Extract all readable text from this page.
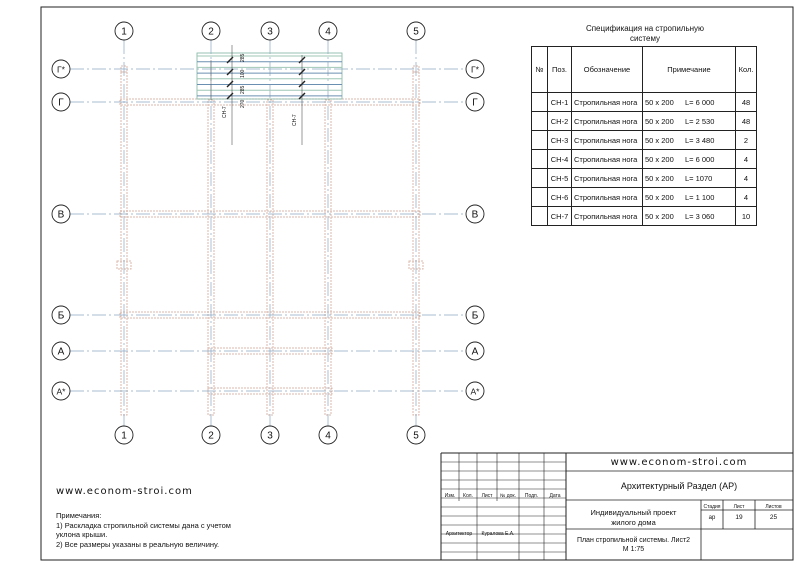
1
1
2
2
3
3
4
4
5
5
Г*	Г*
Г	Г
В	В
Б	Б
А	А
А*	А*
СН-7
СН-7
285
100
285
270
Спецификация на стропильную
систему
№	Поз.	Обозначение	Примечание	Кол.
	СН-1	Стропильная нога	50 х 200 L= 6 000	48
	СН-2	Стропильная нога	50 х 200 L= 2 530	48
	СН-3	Стропильная нога	50 х 200 L= 3 480	2
	СН-4	Стропильная нога	50 х 200 L= 6 000	4
	СН-5	Стропильная нога	50 х 200 L= 1070	4
	СН-6	Стропильная нога	50 х 200 L= 1 100	4
	СН-7	Стропильная нога	50 х 200 L= 3 060	10
www.econom-stroi.com
Примечания:
1) Раскладка стропильной системы дана с учетом
уклона крыши.
2) Все размеры указаны в реальную величину.
www.econom-stroi.com
Архитектурный Раздел (АР)
Индивидуальный проект
жилого дома
План стропильной системы. Лист2
М 1:75
Изм.	Кол.	Лист	№ док.	Подп.	Дата
Архитектор	Куралова Е.А.
Стадия	Лист	Листов
ар	19	25
